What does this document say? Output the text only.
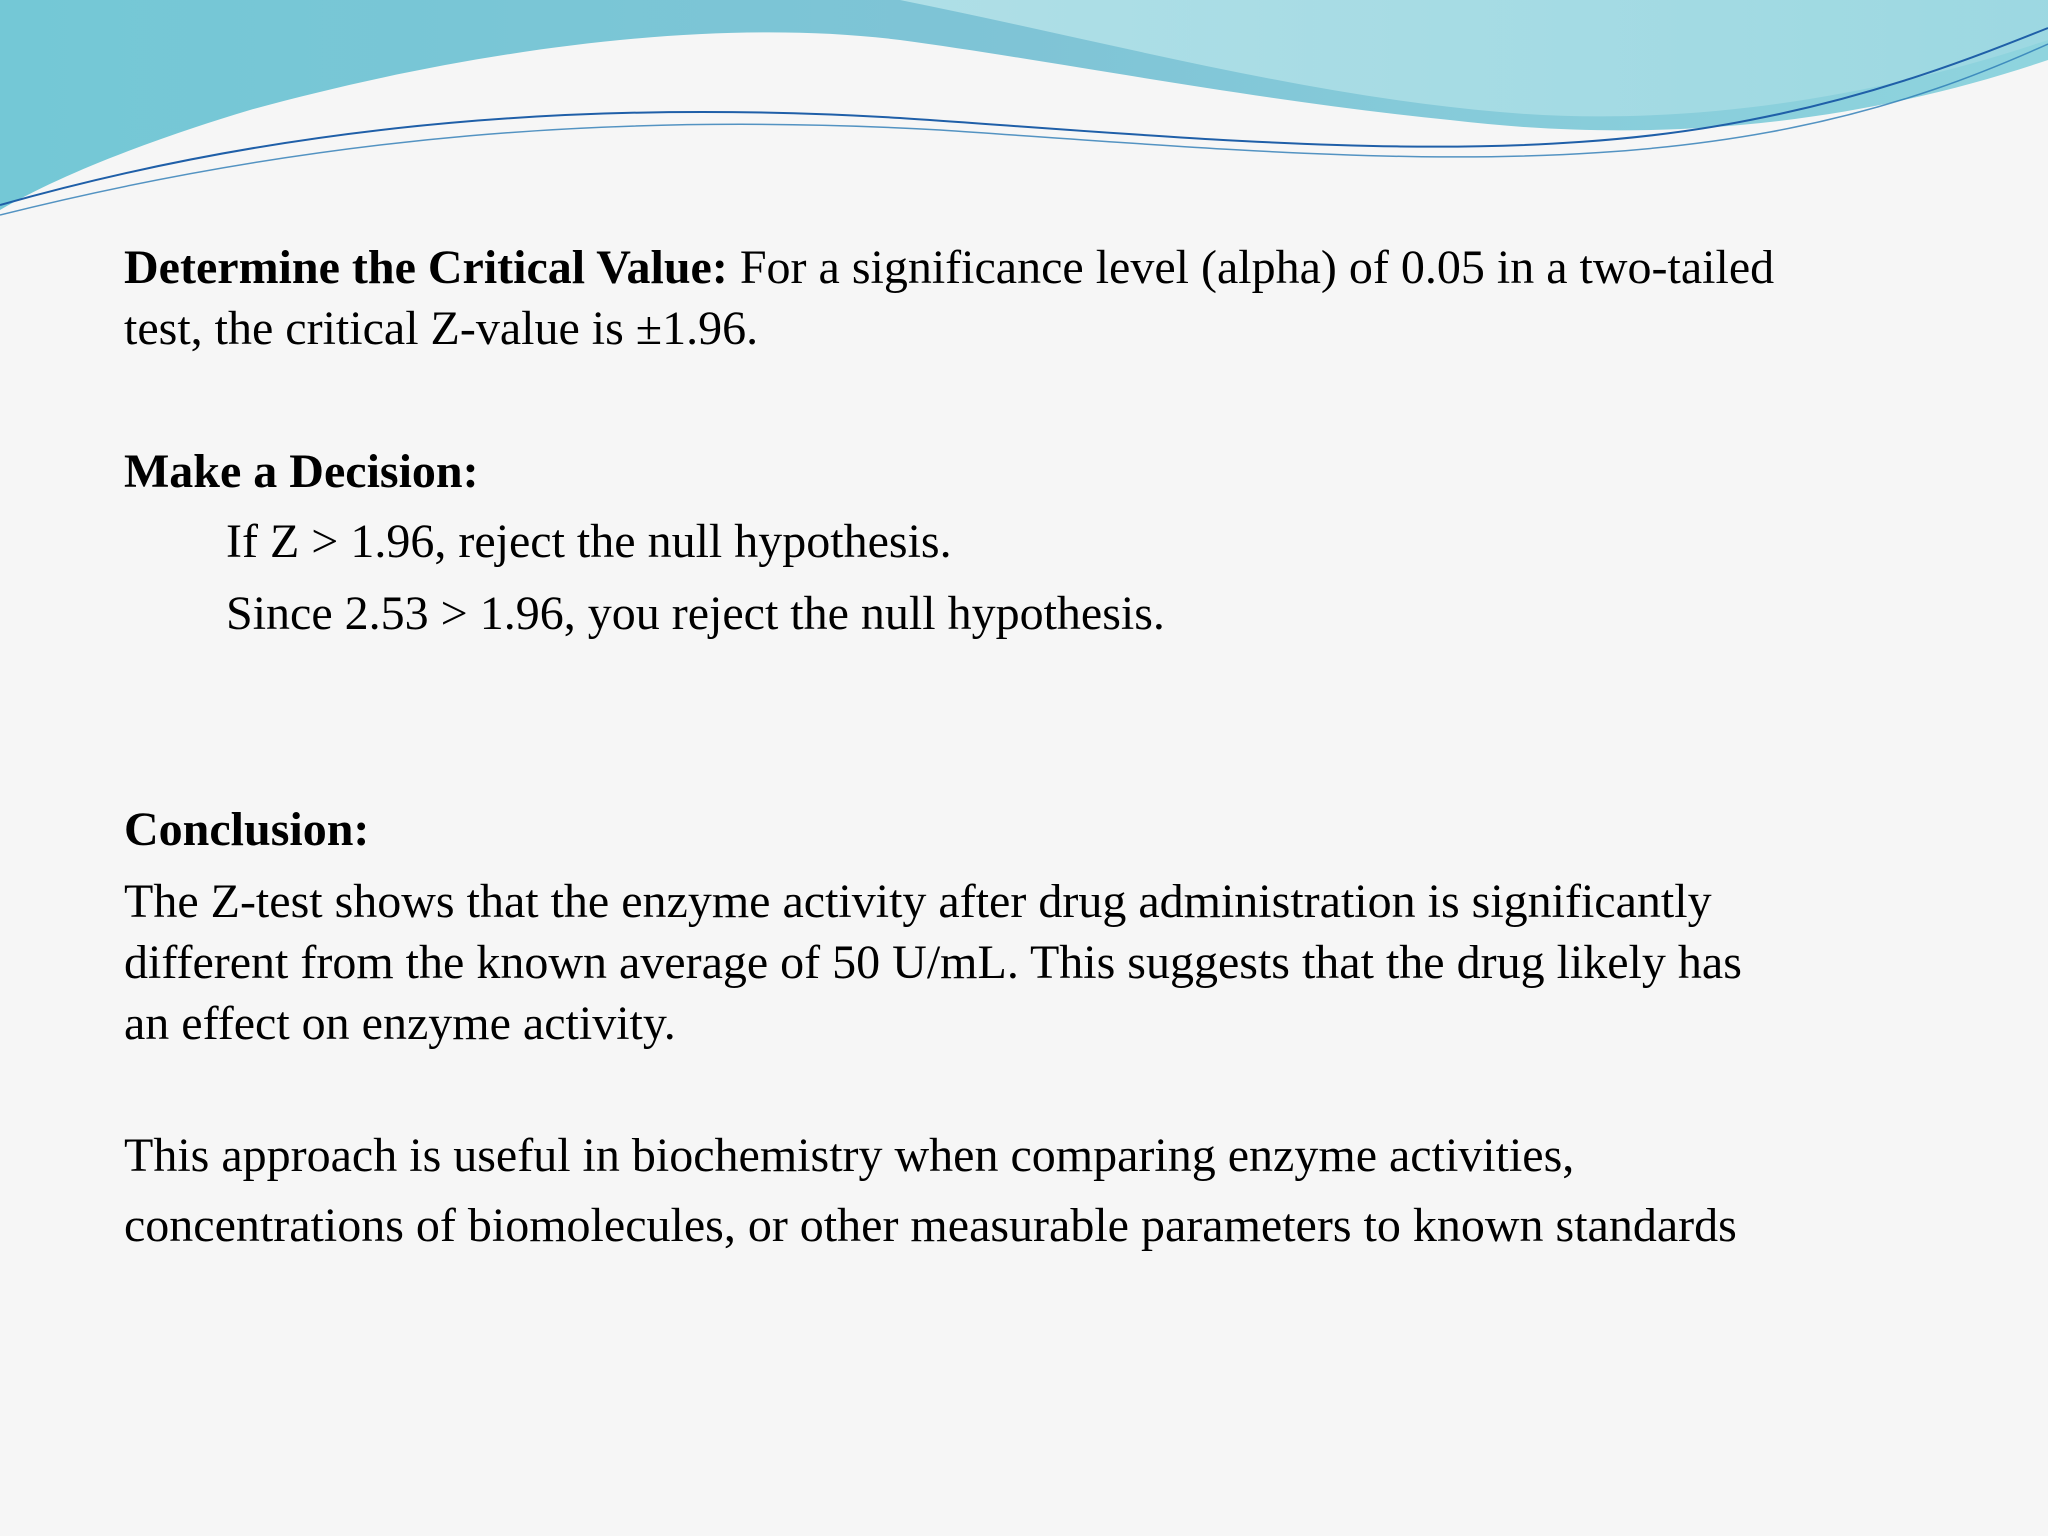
Determine the Critical Value: For a significance level (alpha) of 0.05 in a two-tailed

test, the critical Z-value is ±1.96.

Make a Decision:

If Z > 1.96, reject the null hypothesis.

Since 2.53 > 1.96, you reject the null hypothesis.

Conclusion:

The Z-test shows that the enzyme activity after drug administration is significantly

different from the known average of 50 U/mL. This suggests that the drug likely has

an effect on enzyme activity.

This approach is useful in biochemistry when comparing enzyme activities,

concentrations of biomolecules, or other measurable parameters to known standards
